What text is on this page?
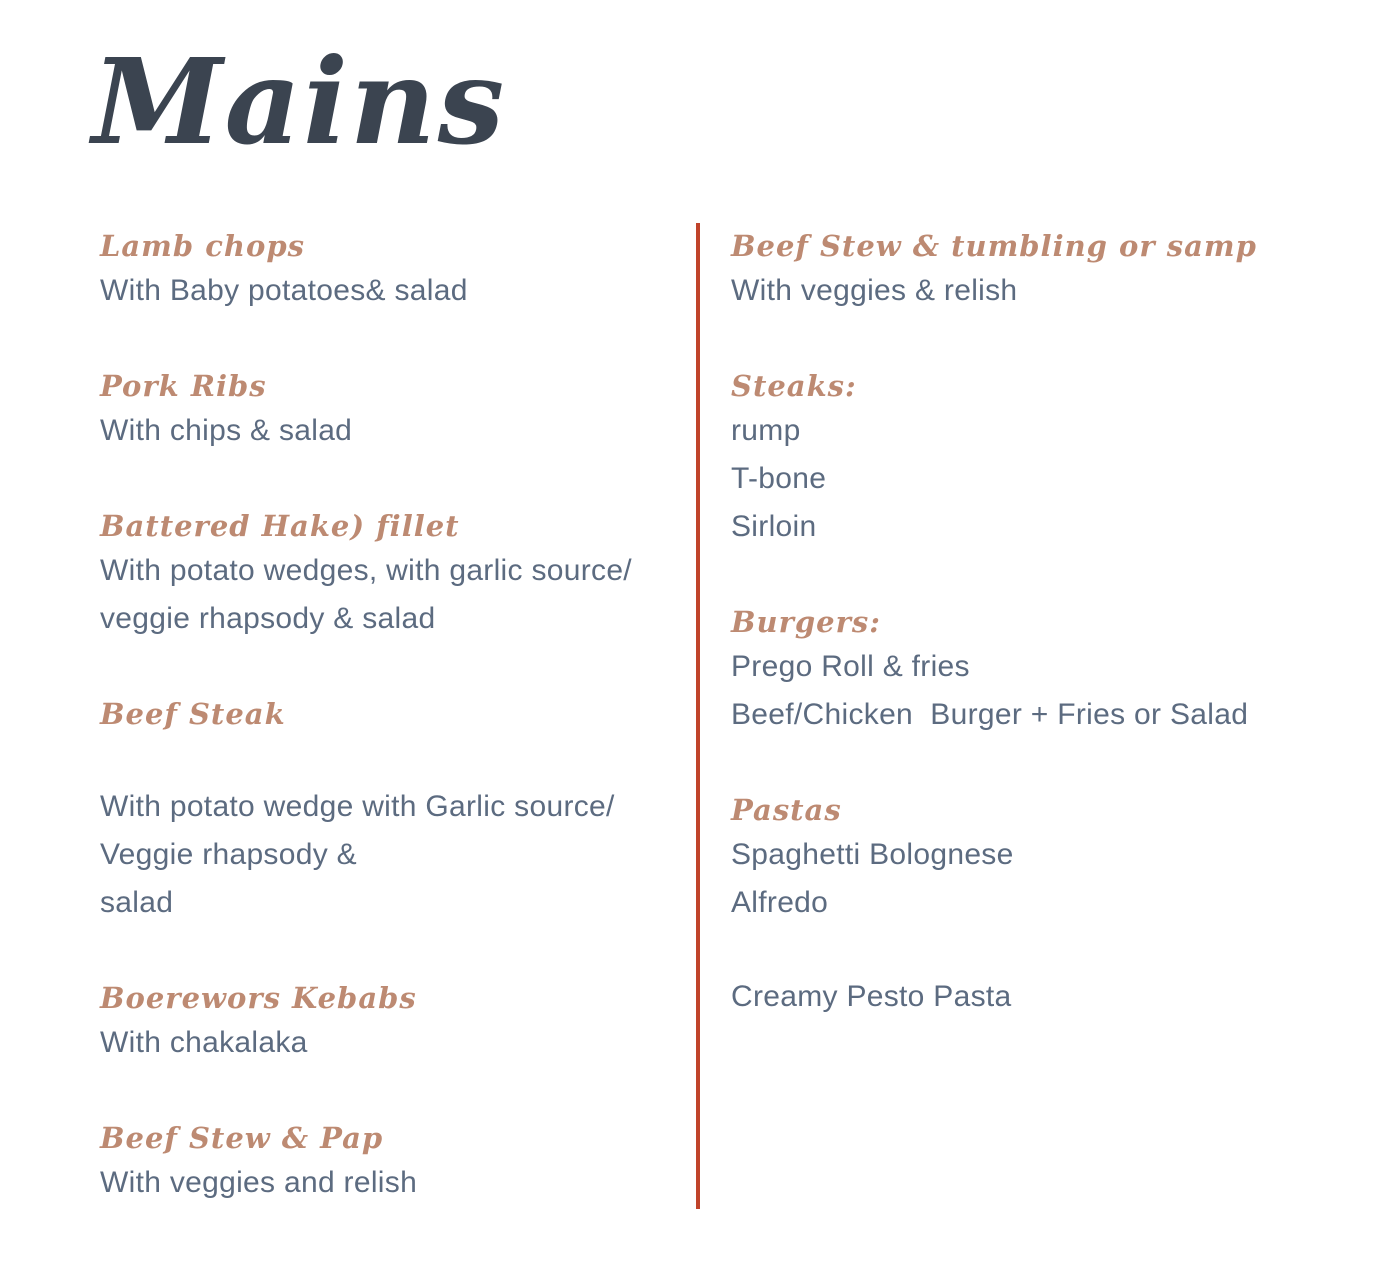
Mains
Lamb chops
With Baby potatoes& salad
Pork Ribs
With chips & salad
Battered Hake) fillet
With potato wedges, with garlic source/
veggie rhapsody & salad
Beef Steak
With potato wedge with Garlic source/
Veggie rhapsody &
salad
Boerewors Kebabs
With chakalaka
Beef Stew & Pap
With veggies and relish
Beef Stew & tumbling or samp
With veggies & relish
Steaks:
rump
T-bone
Sirloin
Burgers:
Prego Roll & fries
Beef/Chicken  Burger + Fries or Salad
Pastas
Spaghetti Bolognese
Alfredo
Creamy Pesto Pasta
